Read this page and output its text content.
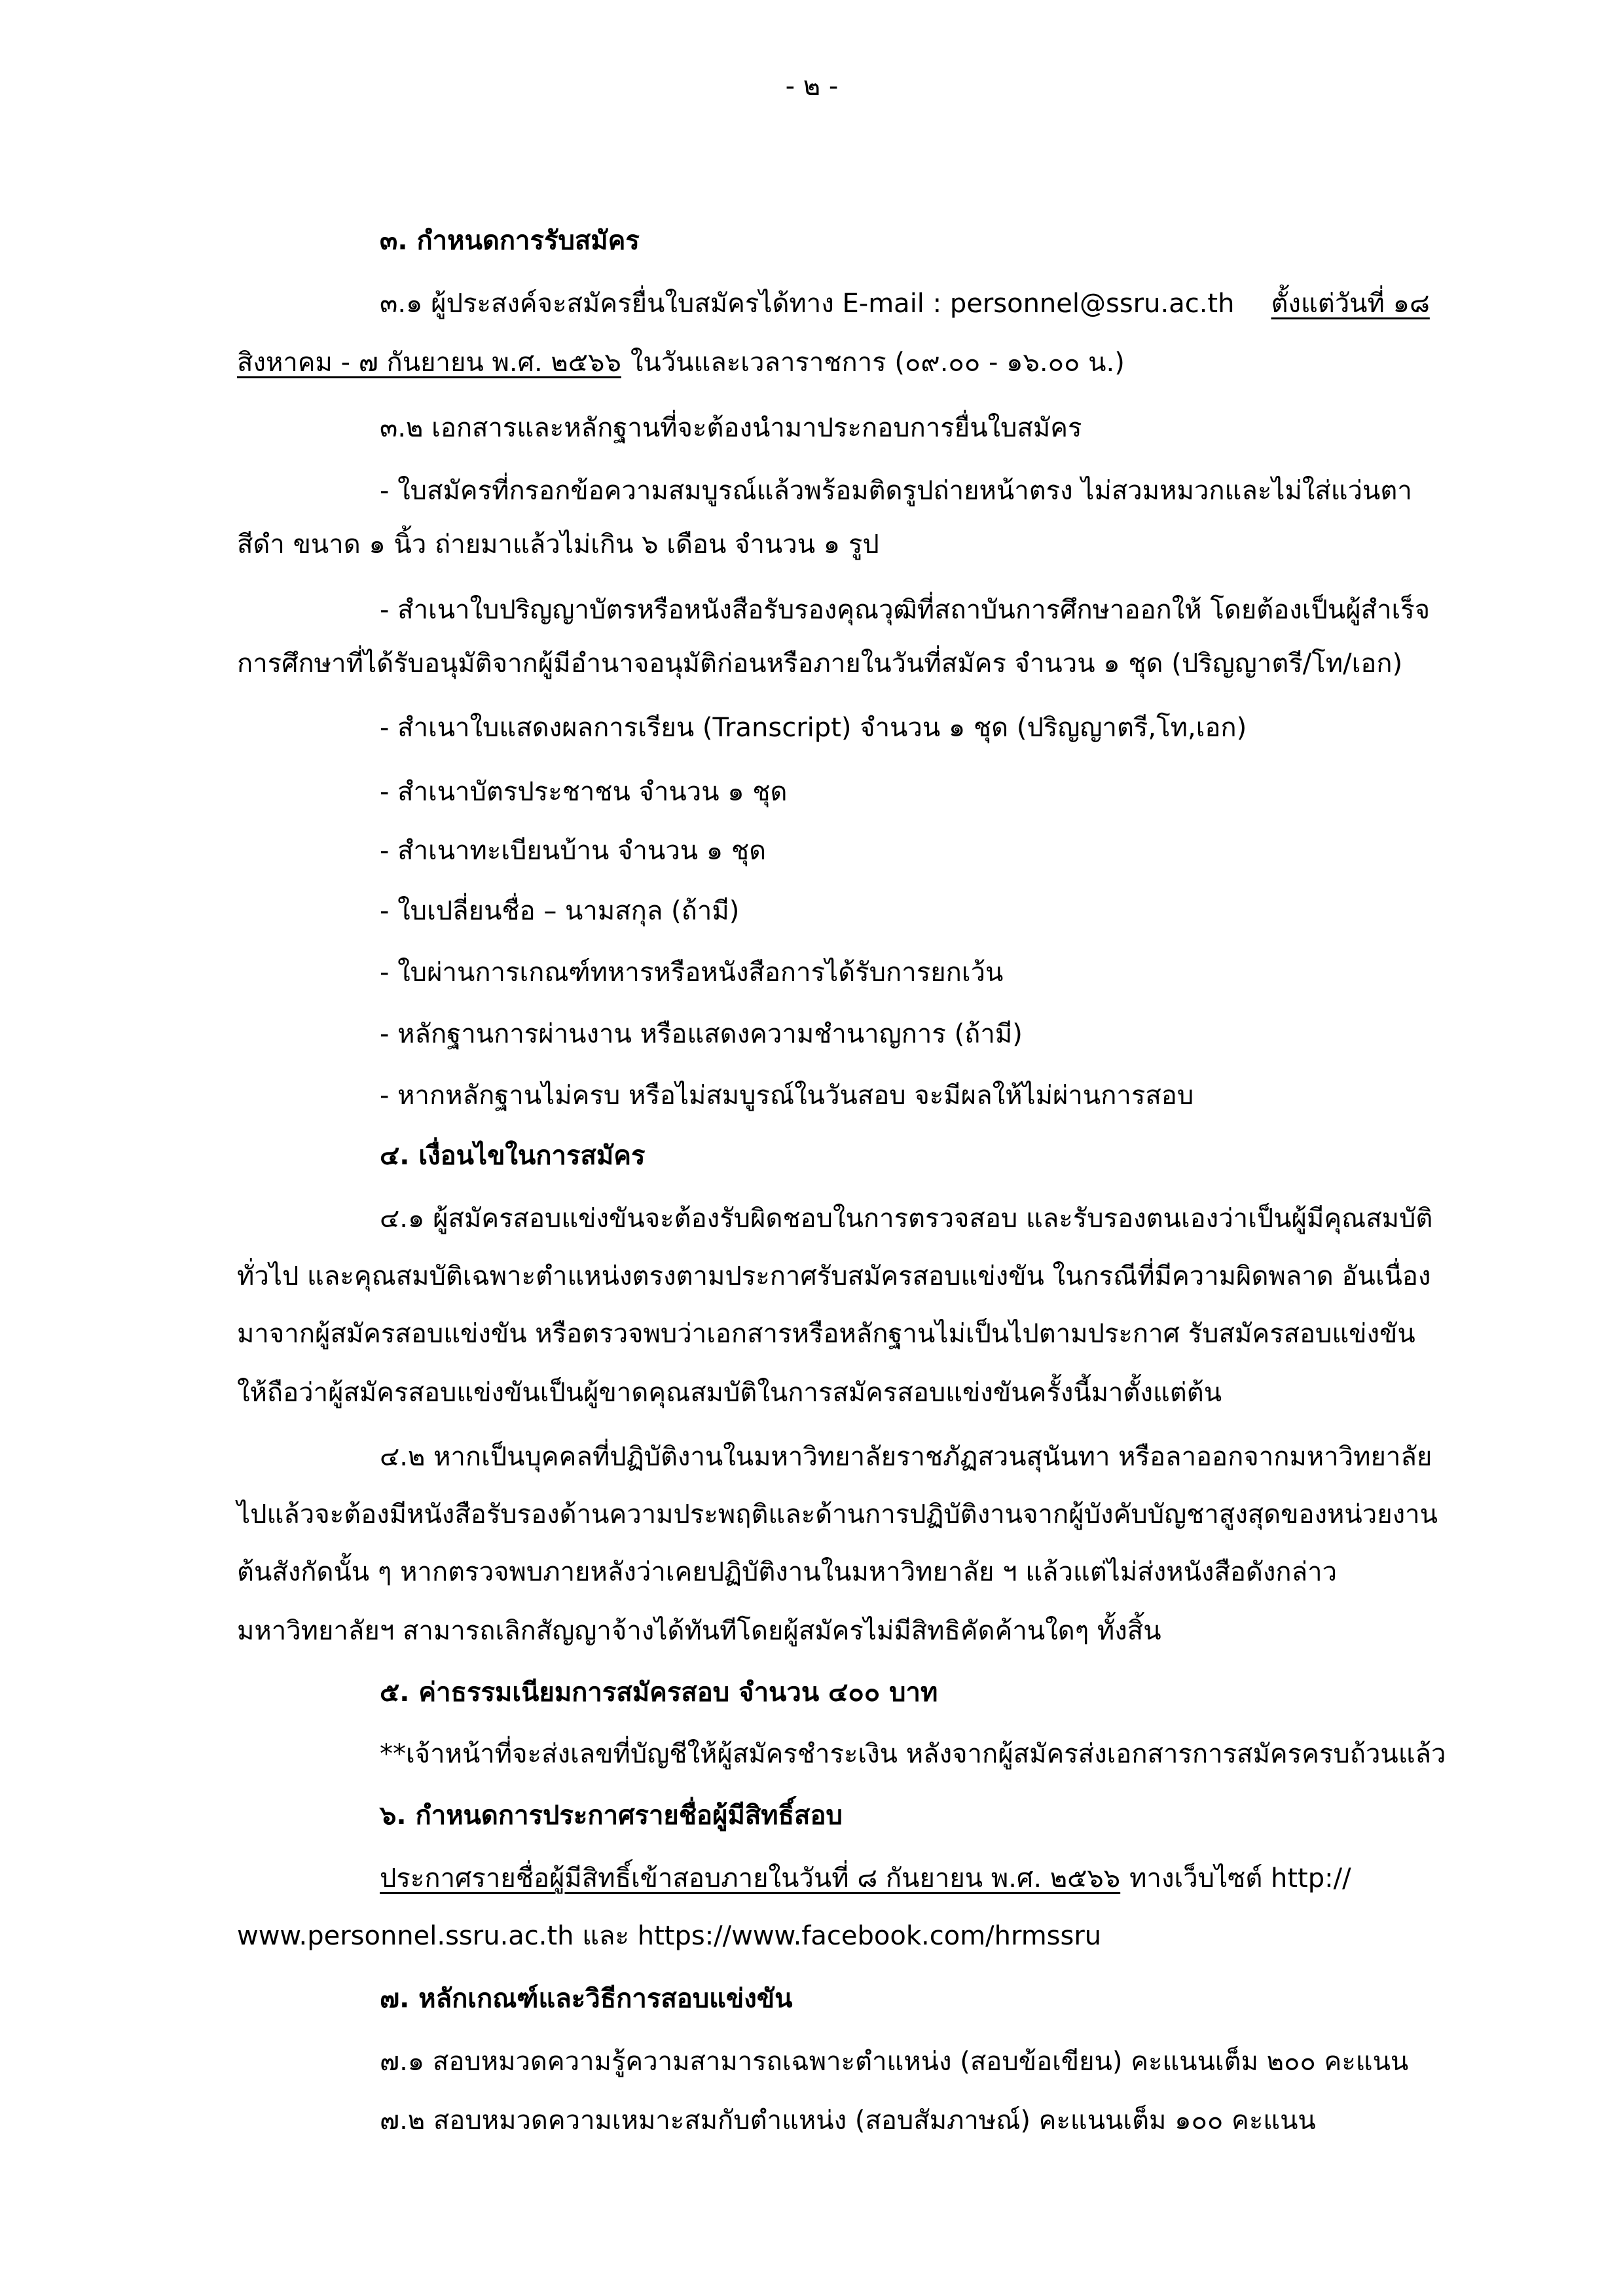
- ๒ -
๓. กำหนดการรับสมัคร
๓.๑ ผู้ประสงค์จะสมัครยื่นใบสมัครได้ทาง E-mail : personnel@ssru.ac.th ตั้งแต่วันที่ ๑๘
สิงหาคม - ๗ กันยายน พ.ศ. ๒๕๖๖ ในวันและเวลาราชการ (๐๙.๐๐ - ๑๖.๐๐ น.)
๓.๒ เอกสารและหลักฐานที่จะต้องนำมาประกอบการยื่นใบสมัคร
- ใบสมัครที่กรอกข้อความสมบูรณ์แล้วพร้อมติดรูปถ่ายหน้าตรง ไม่สวมหมวกและไม่ใส่แว่นตา
สีดำ ขนาด ๑ นิ้ว ถ่ายมาแล้วไม่เกิน ๖ เดือน จำนวน ๑ รูป
- สำเนาใบปริญญาบัตรหรือหนังสือรับรองคุณวุฒิที่สถาบันการศึกษาออกให้ โดยต้องเป็นผู้สำเร็จ
การศึกษาที่ได้รับอนุมัติจากผู้มีอำนาจอนุมัติก่อนหรือภายในวันที่สมัคร จำนวน ๑ ชุด (ปริญญาตรี/โท/เอก)
- สำเนาใบแสดงผลการเรียน (Transcript) จำนวน ๑ ชุด (ปริญญาตรี,โท,เอก)
- สำเนาบัตรประชาชน จำนวน ๑ ชุด
- สำเนาทะเบียนบ้าน จำนวน ๑ ชุด
- ใบเปลี่ยนชื่อ – นามสกุล (ถ้ามี)
- ใบผ่านการเกณฑ์ทหารหรือหนังสือการได้รับการยกเว้น
- หลักฐานการผ่านงาน หรือแสดงความชำนาญการ (ถ้ามี)
- หากหลักฐานไม่ครบ หรือไม่สมบูรณ์ในวันสอบ จะมีผลให้ไม่ผ่านการสอบ
๔. เงื่อนไขในการสมัคร
๔.๑ ผู้สมัครสอบแข่งขันจะต้องรับผิดชอบในการตรวจสอบ และรับรองตนเองว่าเป็นผู้มีคุณสมบัติ
ทั่วไป และคุณสมบัติเฉพาะตำแหน่งตรงตามประกาศรับสมัครสอบแข่งขัน ในกรณีที่มีความผิดพลาด อันเนื่อง
มาจากผู้สมัครสอบแข่งขัน หรือตรวจพบว่าเอกสารหรือหลักฐานไม่เป็นไปตามประกาศ รับสมัครสอบแข่งขัน
ให้ถือว่าผู้สมัครสอบแข่งขันเป็นผู้ขาดคุณสมบัติในการสมัครสอบแข่งขันครั้งนี้มาตั้งแต่ต้น
๔.๒ หากเป็นบุคคลที่ปฏิบัติงานในมหาวิทยาลัยราชภัฏสวนสุนันทา หรือลาออกจากมหาวิทยาลัย
ไปแล้วจะต้องมีหนังสือรับรองด้านความประพฤติและด้านการปฏิบัติงานจากผู้บังคับบัญชาสูงสุดของหน่วยงาน
ต้นสังกัดนั้น ๆ หากตรวจพบภายหลังว่าเคยปฏิบัติงานในมหาวิทยาลัย ฯ แล้วแต่ไม่ส่งหนังสือดังกล่าว
มหาวิทยาลัยฯ สามารถเลิกสัญญาจ้างได้ทันทีโดยผู้สมัครไม่มีสิทธิคัดค้านใดๆ ทั้งสิ้น
๕. ค่าธรรมเนียมการสมัครสอบ จำนวน ๔๐๐ บาท
**เจ้าหน้าที่จะส่งเลขที่บัญชีให้ผู้สมัครชำระเงิน หลังจากผู้สมัครส่งเอกสารการสมัครครบถ้วนแล้ว
๖. กำหนดการประกาศรายชื่อผู้มีสิทธิ์สอบ
ประกาศรายชื่อผู้มีสิทธิ์เข้าสอบภายในวันที่ ๘ กันยายน พ.ศ. ๒๕๖๖ ทางเว็บไซต์ http://
www.personnel.ssru.ac.th และ https://www.facebook.com/hrmssru
๗. หลักเกณฑ์และวิธีการสอบแข่งขัน
๗.๑ สอบหมวดความรู้ความสามารถเฉพาะตำแหน่ง (สอบข้อเขียน) คะแนนเต็ม ๒๐๐ คะแนน
๗.๒ สอบหมวดความเหมาะสมกับตำแหน่ง (สอบสัมภาษณ์) คะแนนเต็ม ๑๐๐ คะแนน
